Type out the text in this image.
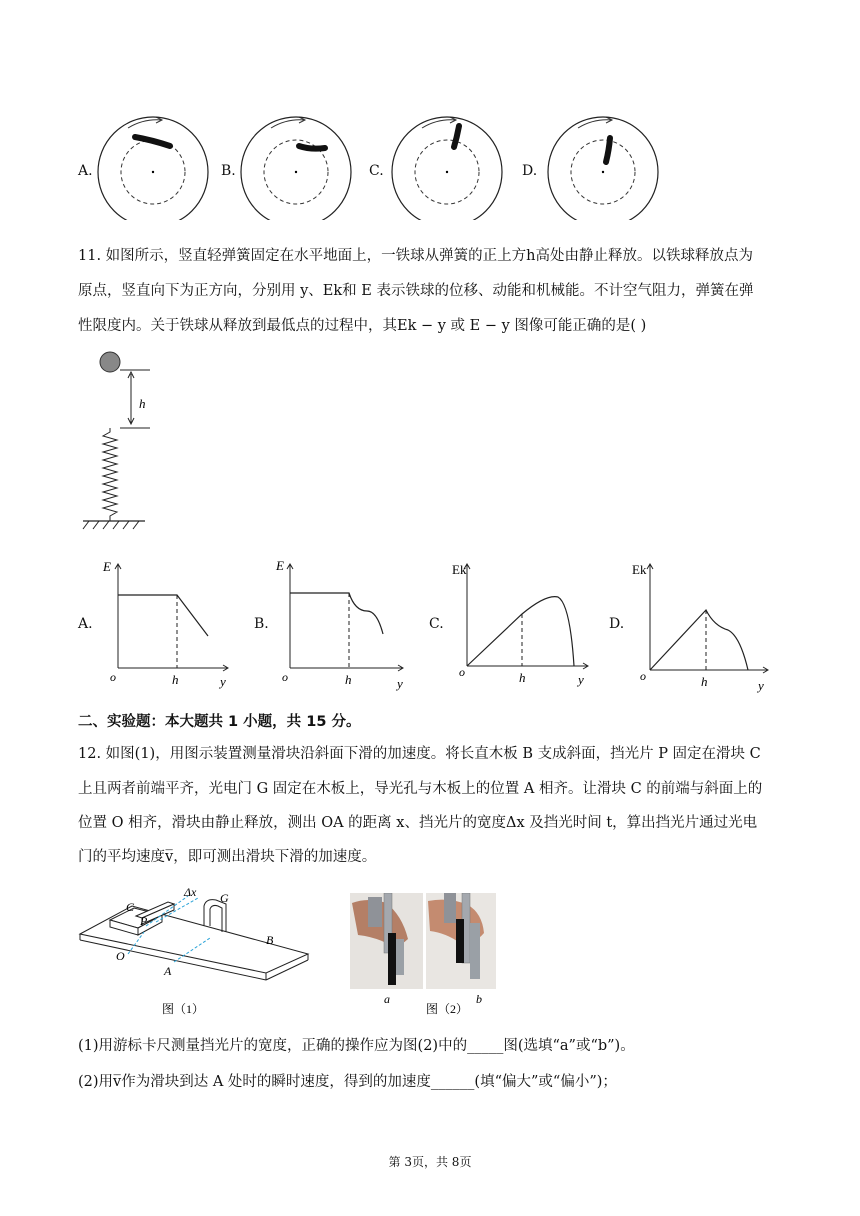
A.	B.	C.	D.
11. 如图所示，竖直轻弹簧固定在水平地面上，一铁球从弹簧的正上方h高处由静止释放。以铁球释放点为
原点，竖直向下为正方向，分别用 y、Ek和 E 表示铁球的位移、动能和机械能。不计空气阻力，弹簧在弹
性限度内。关于铁球从释放到最低点的过程中，其Ek − y 或 E − y 图像可能正确的是( )
h
A.	B.	C.	D.
E
o	h	y
E
o	h	y
Ek
o	h	y
Ek
o	h	y
二、实验题：本大题共 1 小题，共 15 分。
12. 如图(1)，用图示装置测量滑块沿斜面下滑的加速度。将长直木板 B 支成斜面，挡光片 P 固定在滑块 C
上且两者前端平齐，光电门 G 固定在木板上，导光孔与木板上的位置 A 相齐。让滑块 C 的前端与斜面上的
位置 O 相齐，滑块由静止释放，测出 OA 的距离 x、挡光片的宽度Δx 及挡光时间 t，算出挡光片通过光电
门的平均速度v̅，即可测出滑块下滑的加速度。
Δx G
C
P
B
O
A
图（1）
a
图（2）
b
(1)用游标卡尺测量挡光片的宽度，正确的操作应为图(2)中的_____图(选填“a”或“b”)。
(2)用v̅作为滑块到达 A 处时的瞬时速度，得到的加速度______(填“偏大”或“偏小”)；
第 3页，共 8页
